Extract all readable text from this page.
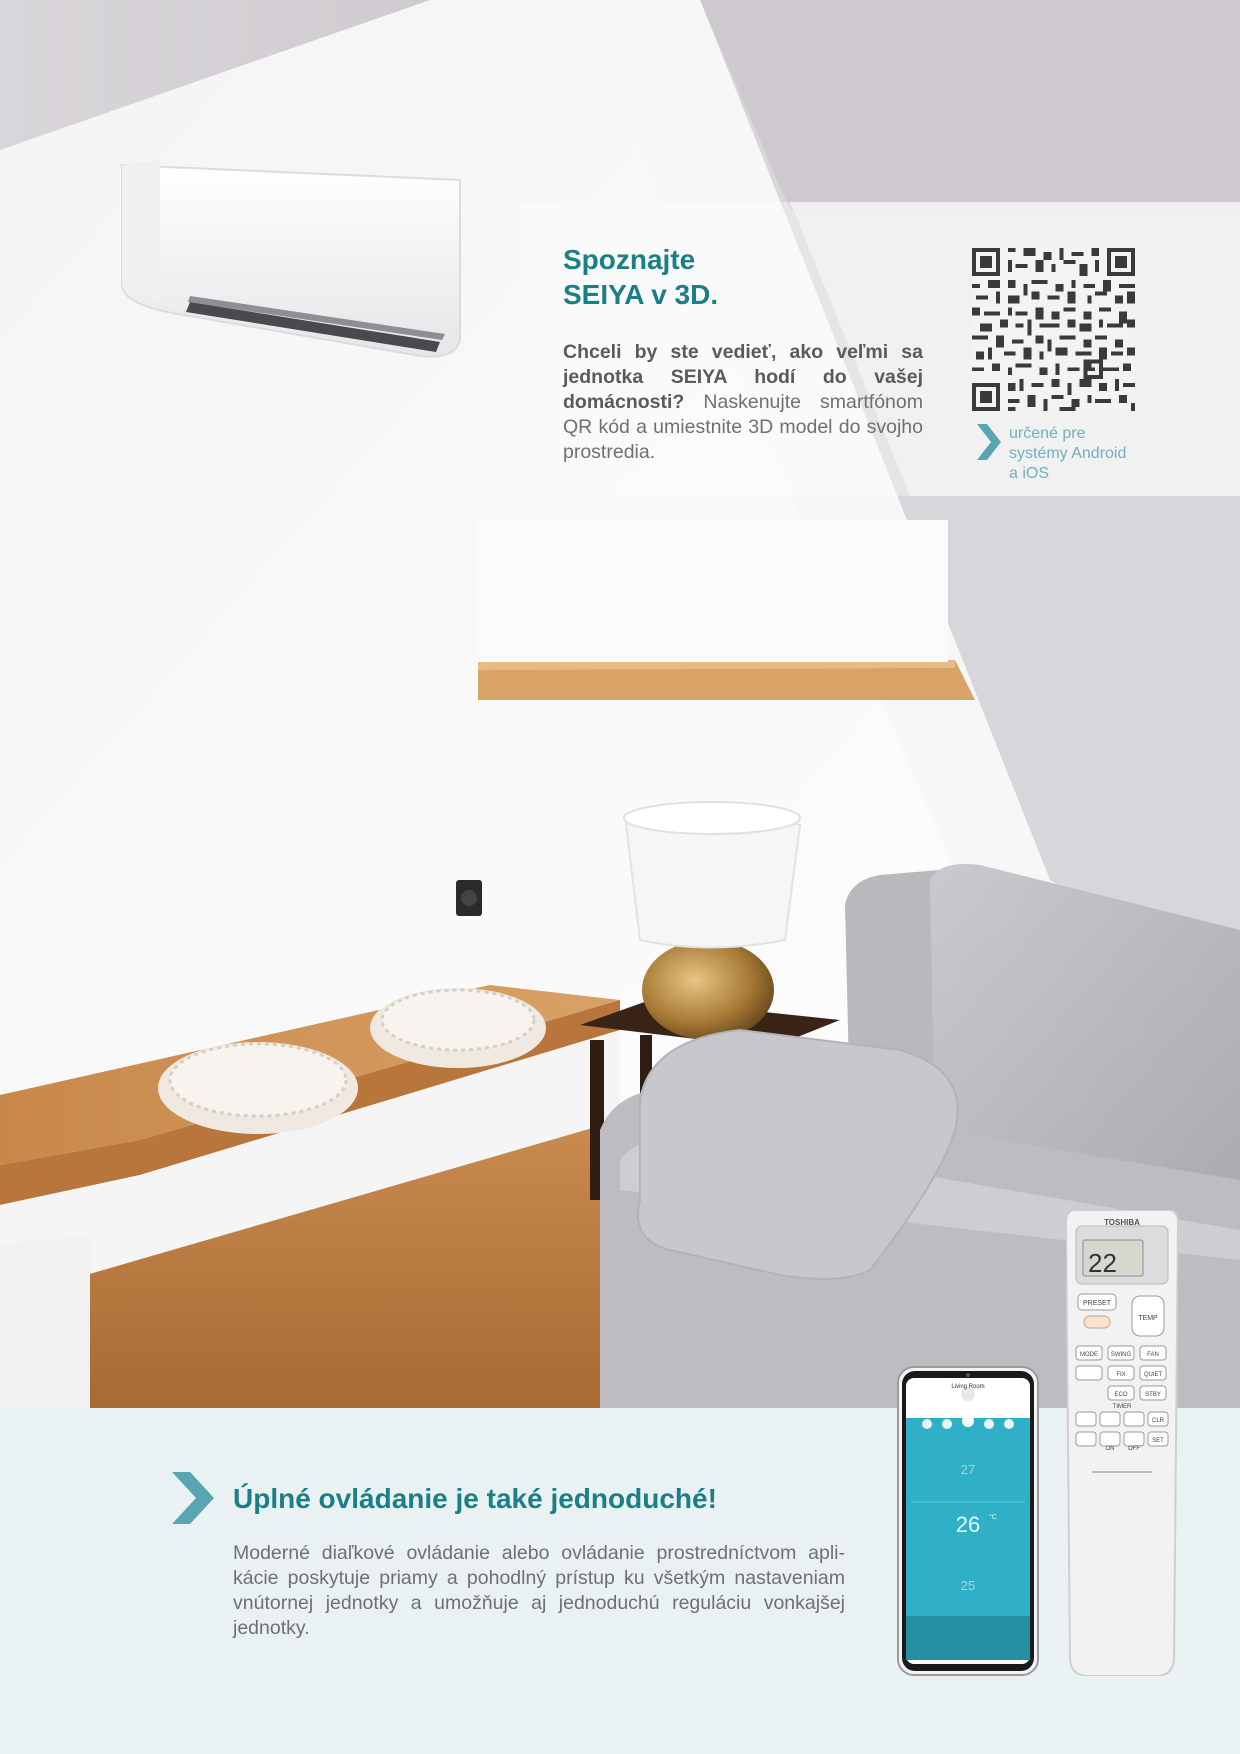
Spoznajte
SEIYA v 3D.

Chceli by ste vedieť, ako veľmi sa jednotka SEIYA hodí do vašej domácnosti? Naskenujte smartfónom QR kód a umiestnite 3D model do svojho prostredia.

určené pre systémy Android a iOS
Úplné ovládanie je také jednoduché!

Moderné diaľkové ovládanie alebo ovládanie prostredníctvom aplikácie poskytuje priamy a pohodlný prístup ku všetkým nastaveniam vnútornej jednotky a umožňuje aj jednoduchú reguláciu vonkajšej jednotky.

Living Room
27
26 °C
25
TOSHIBA
22
PRESET
TEMP
MODE SWING	FAN
FIX	QUIET
ECO	STBY
TIMER
ON OFF
CLR
SET
